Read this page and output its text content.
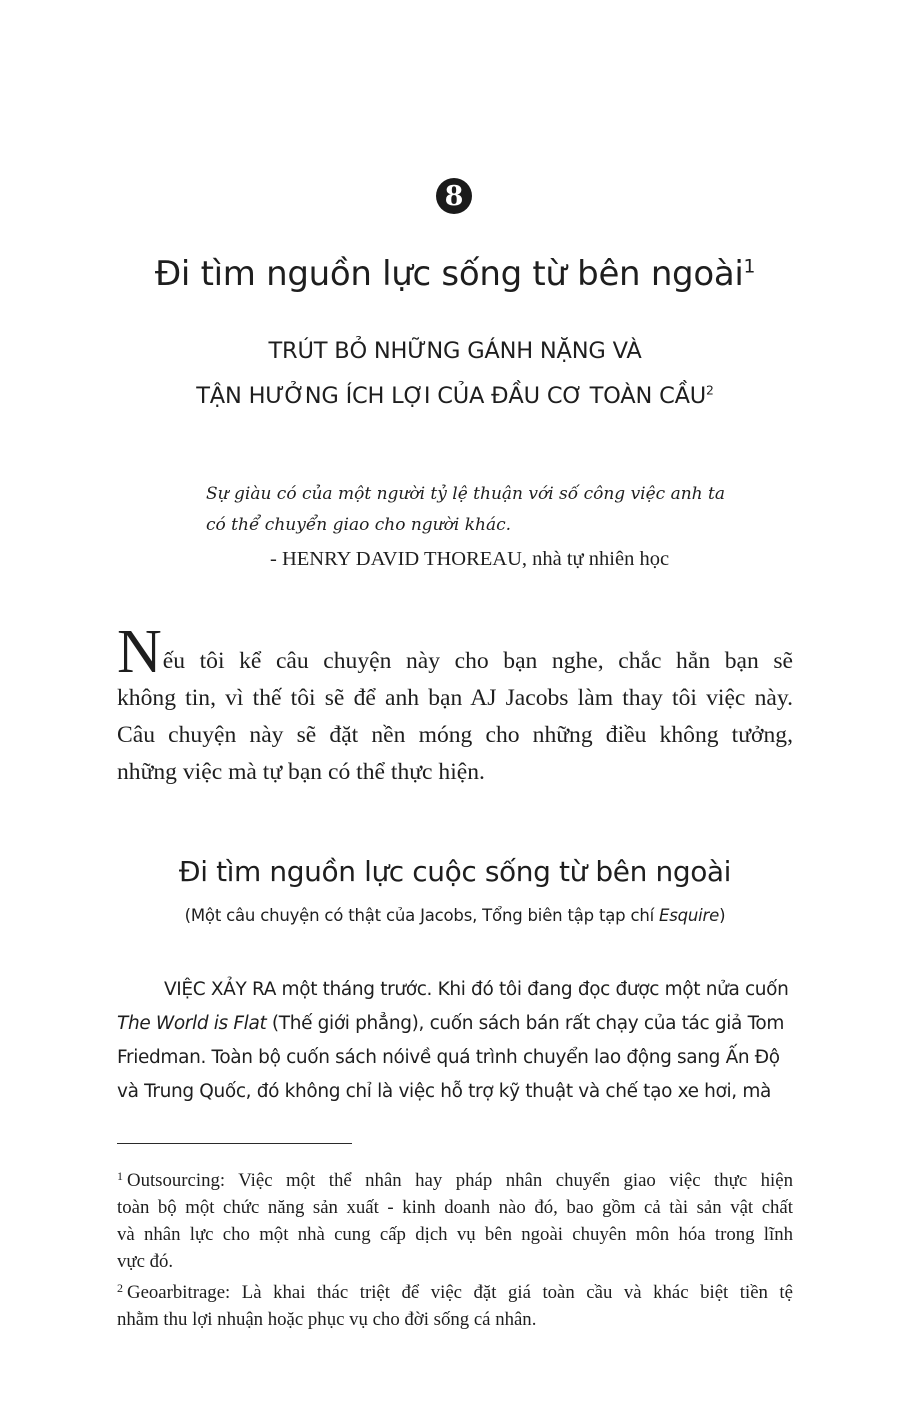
8
Đi tìm nguồn lực sống từ bên ngoài$^1$
TRÚT BỎ NHỮNG GÁNH NẶNG VÀ
TẬN HƯỞNG ÍCH LỢI CỦA ĐẦU CƠ TOÀN CẦU$^2$
Sự giàu có của một người tỷ lệ thuận với số công việc anh ta
có thể chuyển giao cho người khác.
- HENRY DAVID THOREAU, nhà tự nhiên học
Nếu tôi kể câu chuyện này cho bạn nghe, chắc hẳn bạn sẽ
không tin, vì thế tôi sẽ để anh bạn AJ Jacobs làm thay tôi việc này.
Câu chuyện này sẽ đặt nền móng cho những điều không tưởng,
những việc mà tự bạn có thể thực hiện.
Đi tìm nguồn lực cuộc sống từ bên ngoài
(Một câu chuyện có thật của Jacobs, Tổng biên tập tạp chí Esquire)
VIỆC XẢY RA một tháng trước. Khi đó tôi đang đọc được một nửa cuốn
The World is Flat (Thế giới phẳng), cuốn sách bán rất chạy của tác giả Tom
Friedman. Toàn bộ cuốn sách nóivề quá trình chuyển lao động sang Ấn Độ
và Trung Quốc, đó không chỉ là việc hỗ trợ kỹ thuật và chế tạo xe hơi, mà
$^1$ Outsourcing: Việc một thể nhân hay pháp nhân chuyển giao việc thực hiện
toàn bộ một chức năng sản xuất - kinh doanh nào đó, bao gồm cả tài sản vật chất
và nhân lực cho một nhà cung cấp dịch vụ bên ngoài chuyên môn hóa trong lĩnh
vực đó.
$^2$ Geoarbitrage: Là khai thác triệt để việc đặt giá toàn cầu và khác biệt tiền tệ
nhằm thu lợi nhuận hoặc phục vụ cho đời sống cá nhân.
